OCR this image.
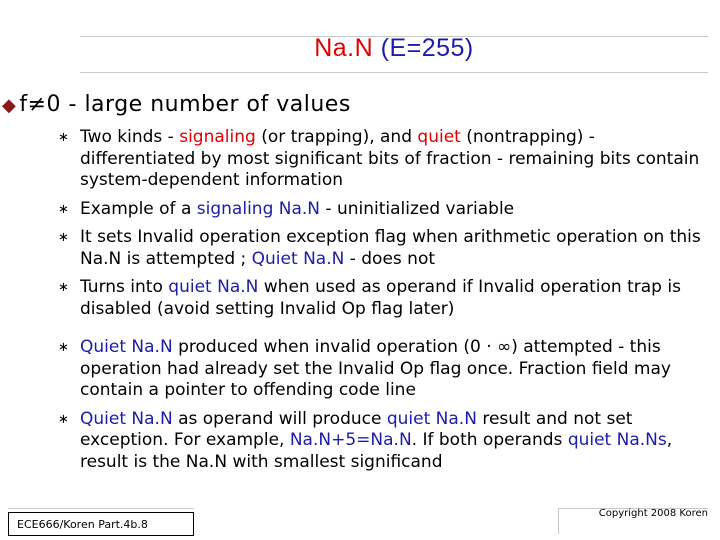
Na.N (E=255)
◆ f≠0 - large number of values
∗ Two kinds - signaling (or trapping), and quiet (nontrapping) - differentiated by most significant bits of fraction - remaining bits contain system-dependent information
∗ Example of a signaling Na.N - uninitialized variable
∗ It sets Invalid operation exception flag when arithmetic operation on this Na.N is attempted ; Quiet Na.N - does not
∗ Turns into quiet Na.N when used as operand if Invalid operation trap is disabled (avoid setting Invalid Op flag later)
∗ Quiet Na.N produced when invalid operation (0 · ∞) attempted - this operation had already set the Invalid Op flag once. Fraction field may contain a pointer to offending code line
∗ Quiet Na.N as operand will produce quiet Na.N result and not set exception. For example, Na.N+5=Na.N. If both operands quiet Na.Ns, result is the Na.N with smallest significand
ECE666/Koren Part.4b.8
Copyright 2008 Koren
